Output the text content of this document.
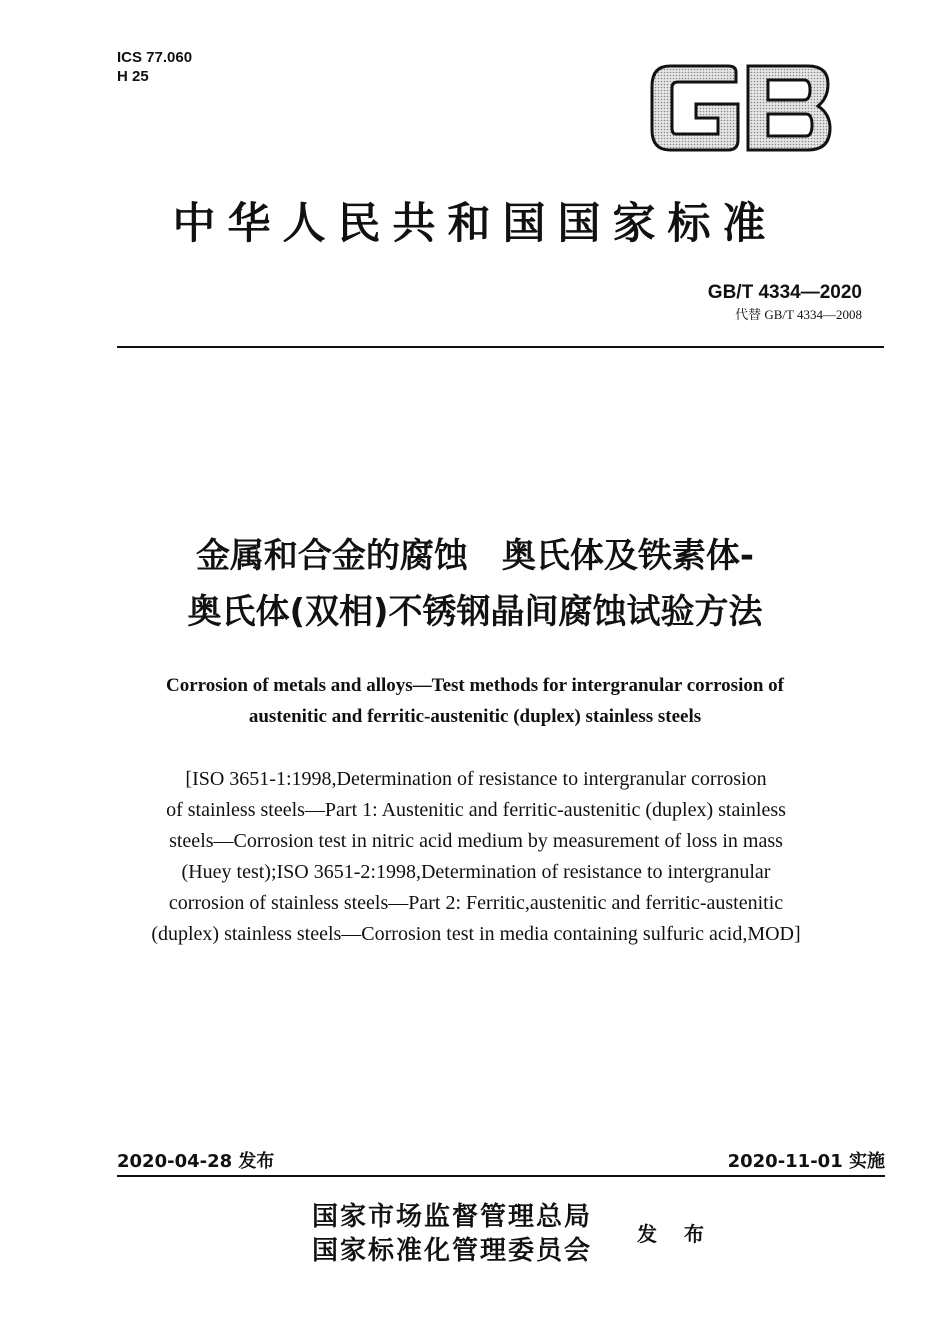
ICS 77.060
H 25
中华人民共和国国家标准
GB/T 4334—2020
代替 GB/T 4334—2008
金属和合金的腐蚀　奥氏体及铁素体-
奥氏体(双相)不锈钢晶间腐蚀试验方法
Corrosion of metals and alloys—Test methods for intergranular corrosion of
austenitic and ferritic-austenitic (duplex) stainless steels
[ISO 3651-1:1998,Determination of resistance to intergranular corrosion
of stainless steels—Part 1: Austenitic and ferritic-austenitic (duplex) stainless
steels—Corrosion test in nitric acid medium by measurement of loss in mass
(Huey test);ISO 3651-2:1998,Determination of resistance to intergranular
corrosion of stainless steels—Part 2: Ferritic,austenitic and ferritic-austenitic
(duplex) stainless steels—Corrosion test in media containing sulfuric acid,MOD]
2020-04-28 发布	2020-11-01 实施
国家市场监督管理总局
国家标准化管理委员会
发 布
